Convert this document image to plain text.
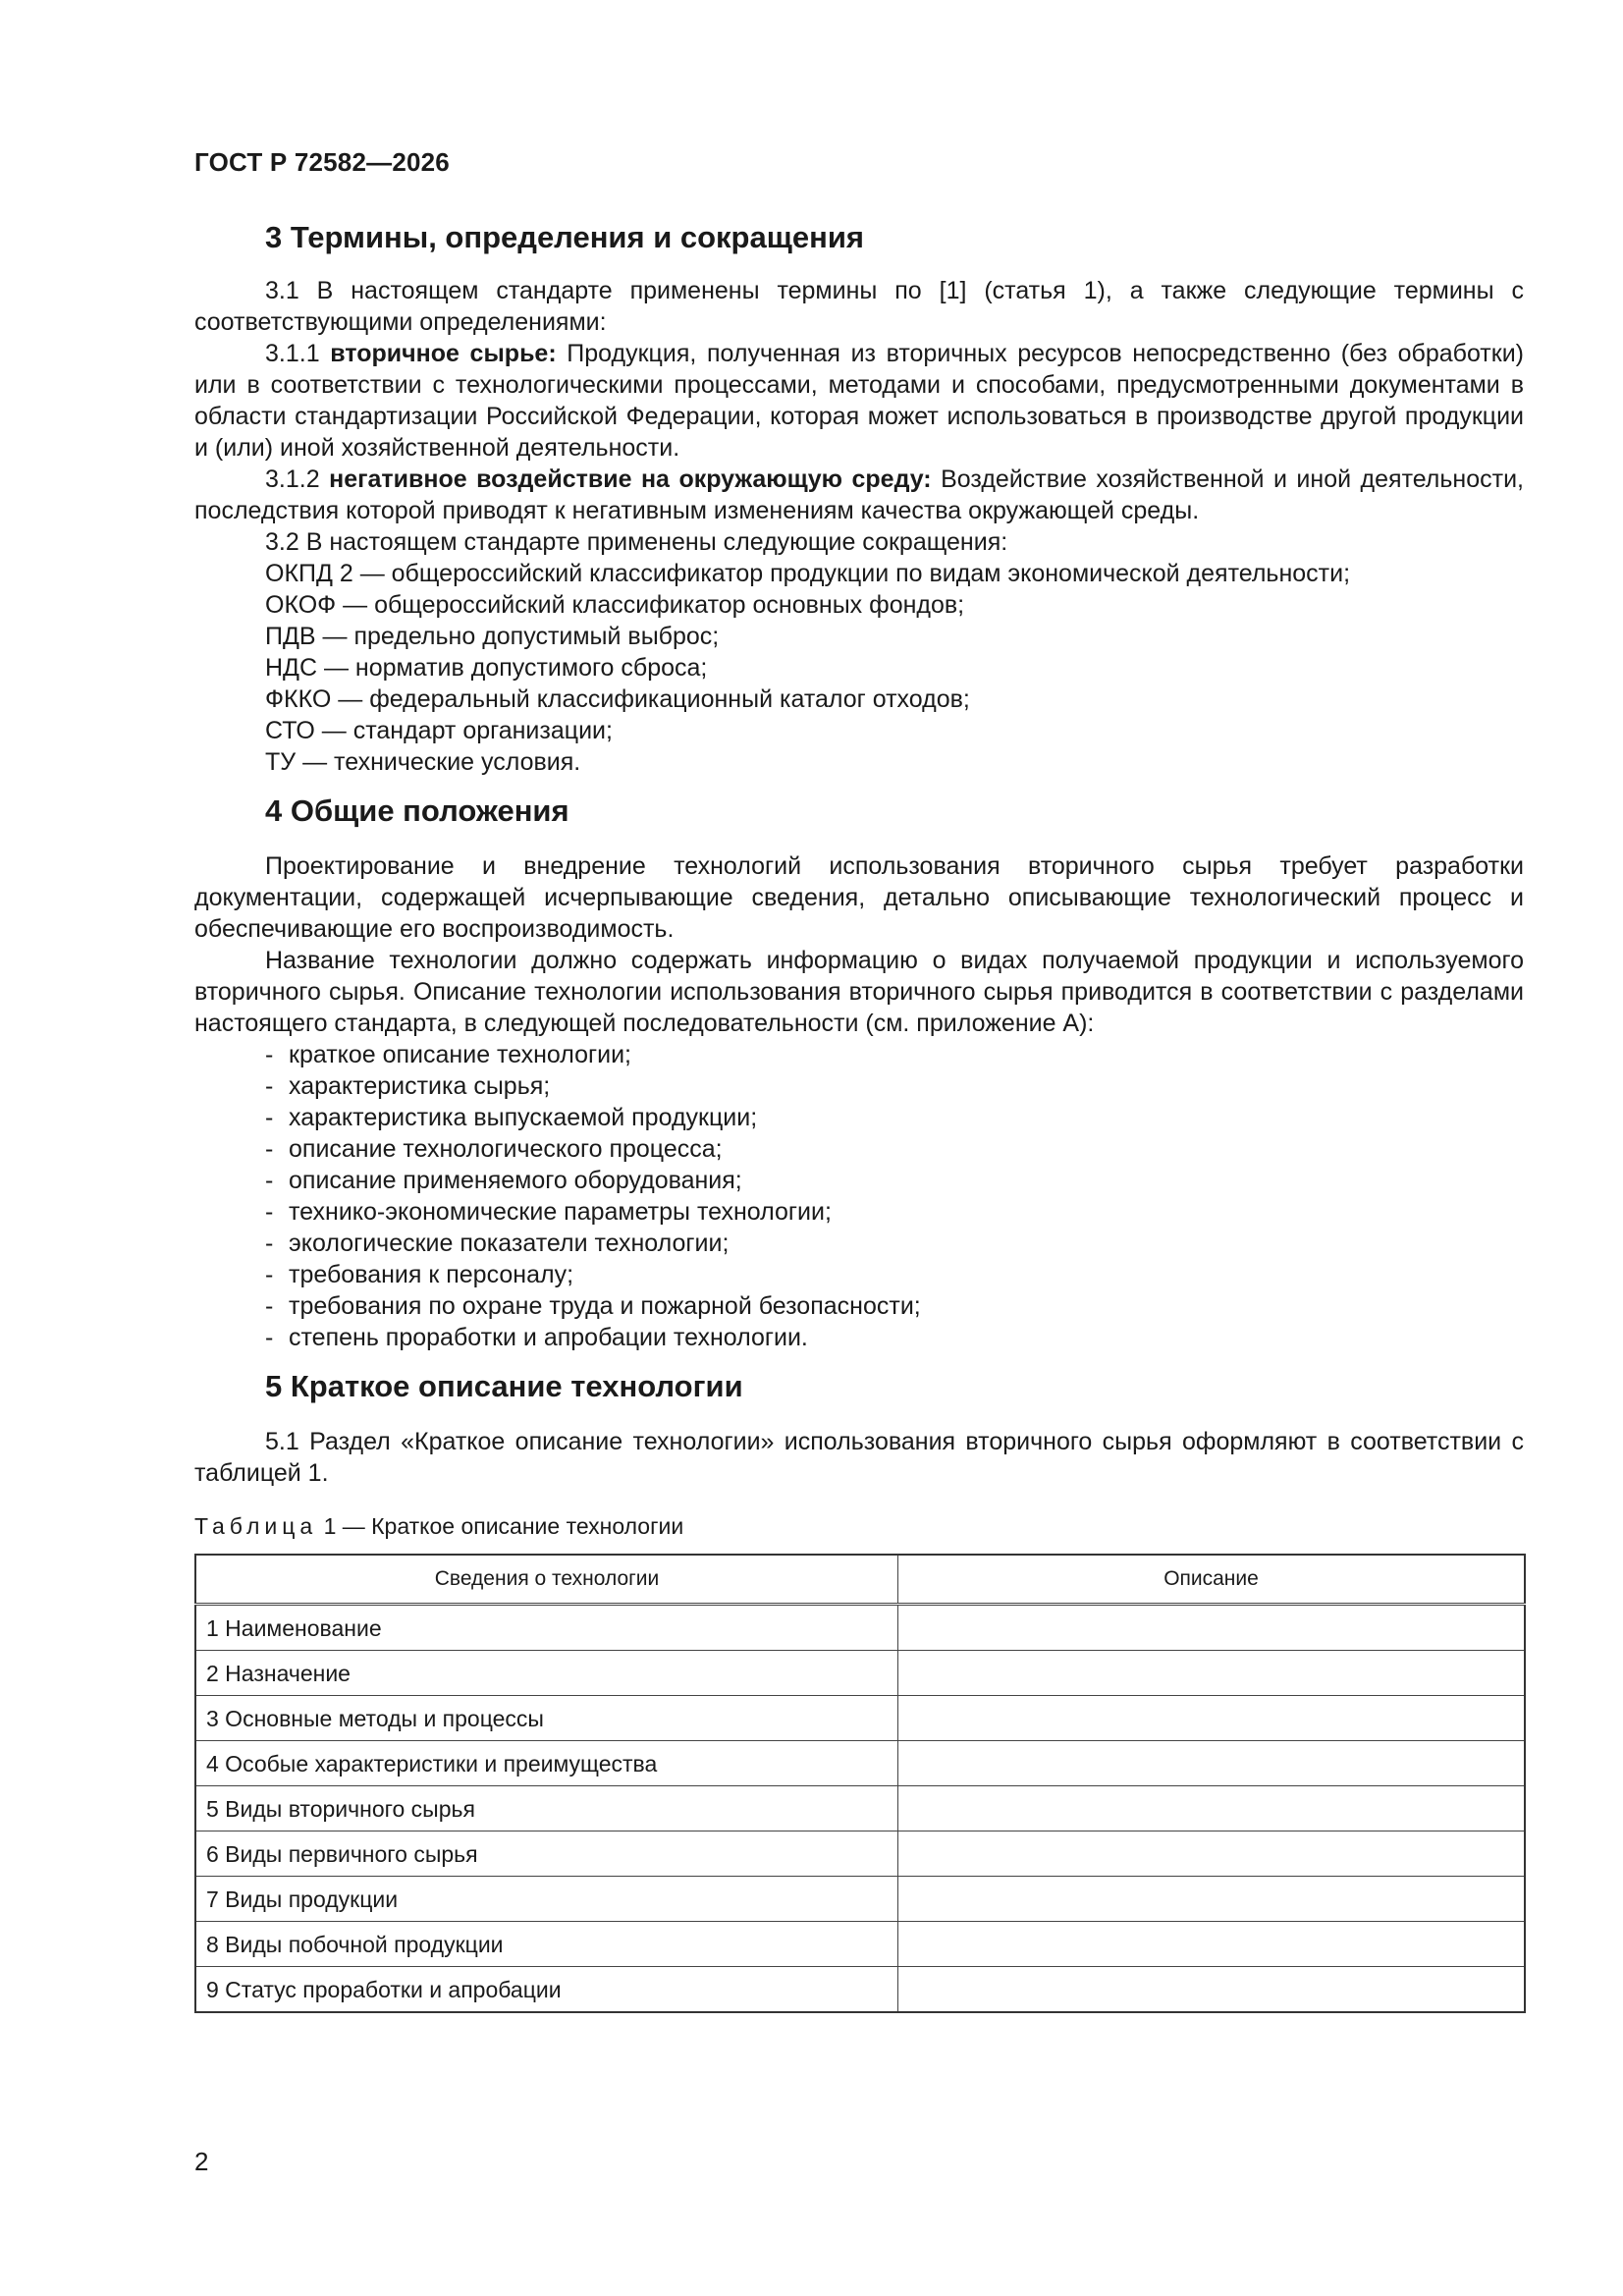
ГОСТ Р 72582—2026
3 Термины, определения и сокращения

3.1 В настоящем стандарте применены термины по [1] (статья 1), а также следующие термины с соответствующими определениями:

3.1.1 вторичное сырье: Продукция, полученная из вторичных ресурсов непосредственно (без обработки) или в соответствии с технологическими процессами, методами и способами, предусмотренными документами в области стандартизации Российской Федерации, которая может использоваться в производстве другой продукции и (или) иной хозяйственной деятельности.

3.1.2 негативное воздействие на окружающую среду: Воздействие хозяйственной и иной деятельности, последствия которой приводят к негативным изменениям качества окружающей среды.

3.2 В настоящем стандарте применены следующие сокращения:

ОКПД 2 — общероссийский классификатор продукции по видам экономической деятельности;
ОКОФ — общероссийский классификатор основных фондов;
ПДВ — предельно допустимый выброс;
НДС — норматив допустимого сброса;
ФККО — федеральный классификационный каталог отходов;
СТО — стандарт организации;
ТУ — технические условия.
4 Общие положения

Проектирование и внедрение технологий использования вторичного сырья требует разработки документации, содержащей исчерпывающие сведения, детально описывающие технологический процесс и обеспечивающие его воспроизводимость.

Название технологии должно содержать информацию о видах получаемой продукции и используемого вторичного сырья. Описание технологии использования вторичного сырья приводится в соответствии с разделами настоящего стандарта, в следующей последовательности (см. приложение А):

- краткое описание технологии;
- характеристика сырья;
- характеристика выпускаемой продукции;
- описание технологического процесса;
- описание применяемого оборудования;
- технико-экономические параметры технологии;
- экологические показатели технологии;
- требования к персоналу;
- требования по охране труда и пожарной безопасности;
- степень проработки и апробации технологии.
5 Краткое описание технологии

5.1 Раздел «Краткое описание технологии» использования вторичного сырья оформляют в соответствии с таблицей 1.

Таблица 1 — Краткое описание технологии
Сведения о технологии	Описание
1 Наименование	
2 Назначение	
3 Основные методы и процессы	
4 Особые характеристики и преимущества	
5 Виды вторичного сырья	
6 Виды первичного сырья	
7 Виды продукции	
8 Виды побочной продукции	
9 Статус проработки и апробации	
2
